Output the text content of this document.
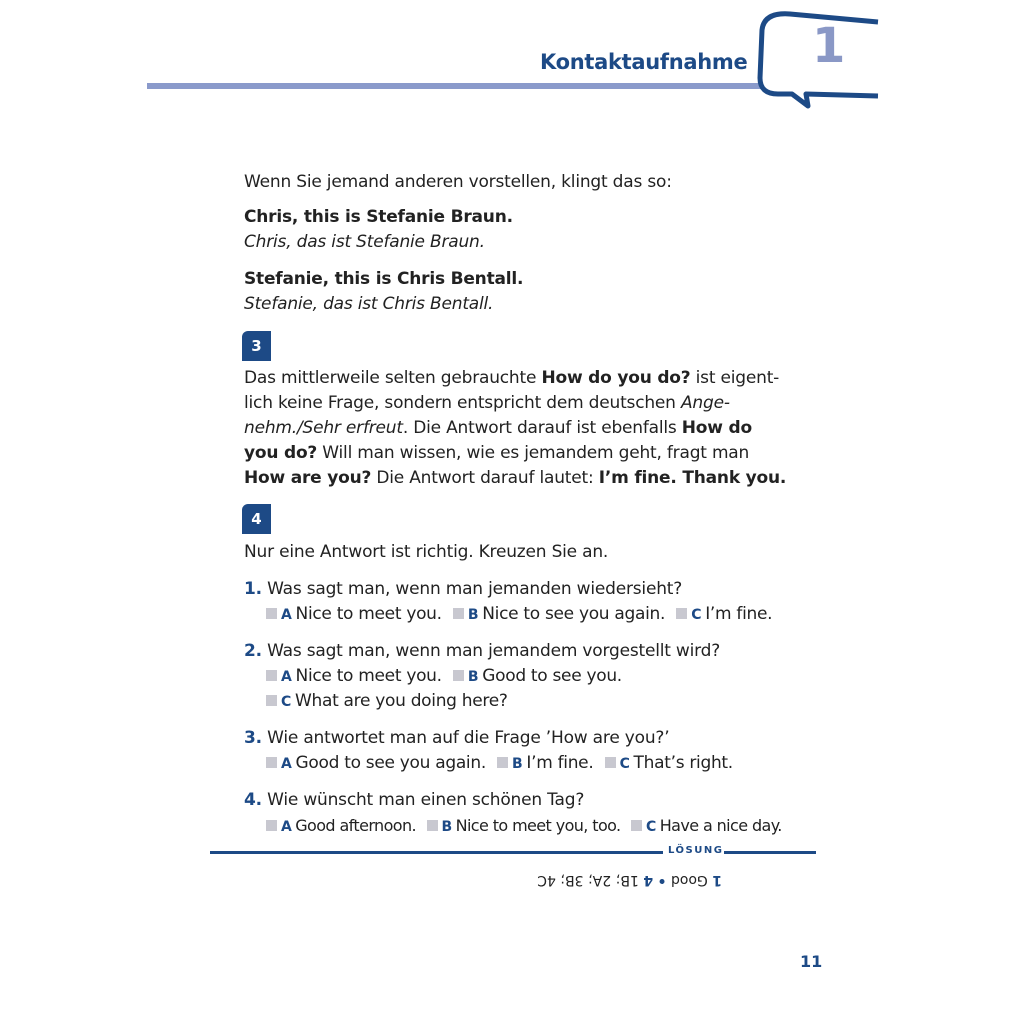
Kontaktaufnahme 1
Wenn Sie jemand anderen vorstellen, klingt das so:
Chris, this is Stefanie Braun.
Chris, das ist Stefanie Braun.
Stefanie, this is Chris Bentall.
Stefanie, das ist Chris Bentall.
3
Das mittlerweile selten gebrauchte How do you do? ist eigent-
lich keine Frage, sondern entspricht dem deutschen Ange-
nehm./Sehr erfreut. Die Antwort darauf ist ebenfalls How do
you do? Will man wissen, wie es jemandem geht, fragt man
How are you? Die Antwort darauf lautet: I’m fine. Thank you.
4
Nur eine Antwort ist richtig. Kreuzen Sie an.
1. Was sagt man, wenn man jemanden wiedersieht?
A Nice to meet you. B Nice to see you again. C I’m fine.
2. Was sagt man, wenn man jemandem vorgestellt wird?
A Nice to meet you. B Good to see you.
C What are you doing here?
3. Wie antwortet man auf die Frage ’How are you?’
A Good to see you again. B I’m fine. C That’s right.
4. Wie wünscht man einen schönen Tag?
A Good afternoon. B Nice to meet you, too. C Have a nice day.
LÖSUNG
1 Good • 4 1B; 2A; 3B; 4C
11
